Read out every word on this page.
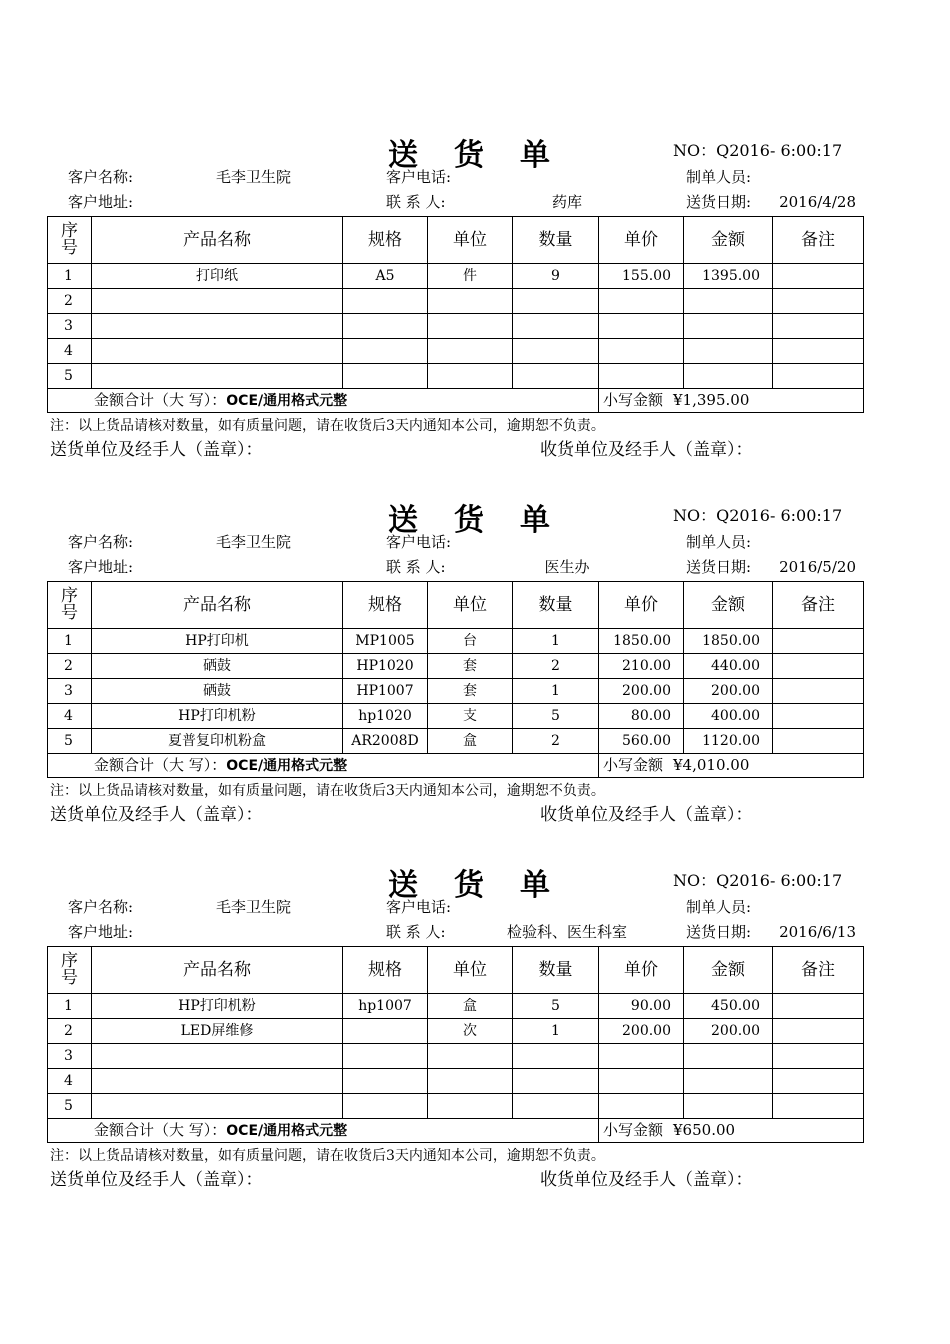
送 货 单	NO：Q2016- 6:00:17
客户名称:	毛李卫生院	客户电话:	制单人员:
客户地址:	联 系 人:	药库	送货日期:	2016/4/28
序
号	产品名称	规格	单位	数量	单价	金额	备注
1	打印纸	A5	件	9	155.00	1395.00	
2							
3							
4							
5							
金额合计（大 写）：OCE/通用格式元整					小写金额 ¥1,395.00		
注：以上货品请核对数量，如有质量问题，请在收货后3天内通知本公司，逾期恕不负责。
送货单位及经手人（盖章）：	收货单位及经手人（盖章）：
送 货 单	NO：Q2016- 6:00:17
客户名称:	毛李卫生院	客户电话:	制单人员:
客户地址:	联 系 人:	医生办	送货日期:	2016/5/20
序
号	产品名称	规格	单位	数量	单价	金额	备注
1	HP打印机	MP1005	台	1	1850.00	1850.00	
2	硒鼓	HP1020	套	2	210.00	440.00	
3	硒鼓	HP1007	套	1	200.00	200.00	
4	HP打印机粉	hp1020	支	5	80.00	400.00	
5	夏普复印机粉盒	AR2008D	盒	2	560.00	1120.00	
金额合计（大 写）：OCE/通用格式元整					小写金额 ¥4,010.00		
注：以上货品请核对数量，如有质量问题，请在收货后3天内通知本公司，逾期恕不负责。
送货单位及经手人（盖章）：	收货单位及经手人（盖章）：
送 货 单	NO：Q2016- 6:00:17
客户名称:	毛李卫生院	客户电话:	制单人员:
客户地址:	联 系 人:	检验科、医生科室	送货日期:	2016/6/13
序
号	产品名称	规格	单位	数量	单价	金额	备注
1	HP打印机粉	hp1007	盒	5	90.00	450.00	
2	LED屏维修		次	1	200.00	200.00	
3							
4							
5							
金额合计（大 写）：OCE/通用格式元整					小写金额 ¥650.00		
注：以上货品请核对数量，如有质量问题，请在收货后3天内通知本公司，逾期恕不负责。
送货单位及经手人（盖章）：	收货单位及经手人（盖章）：
